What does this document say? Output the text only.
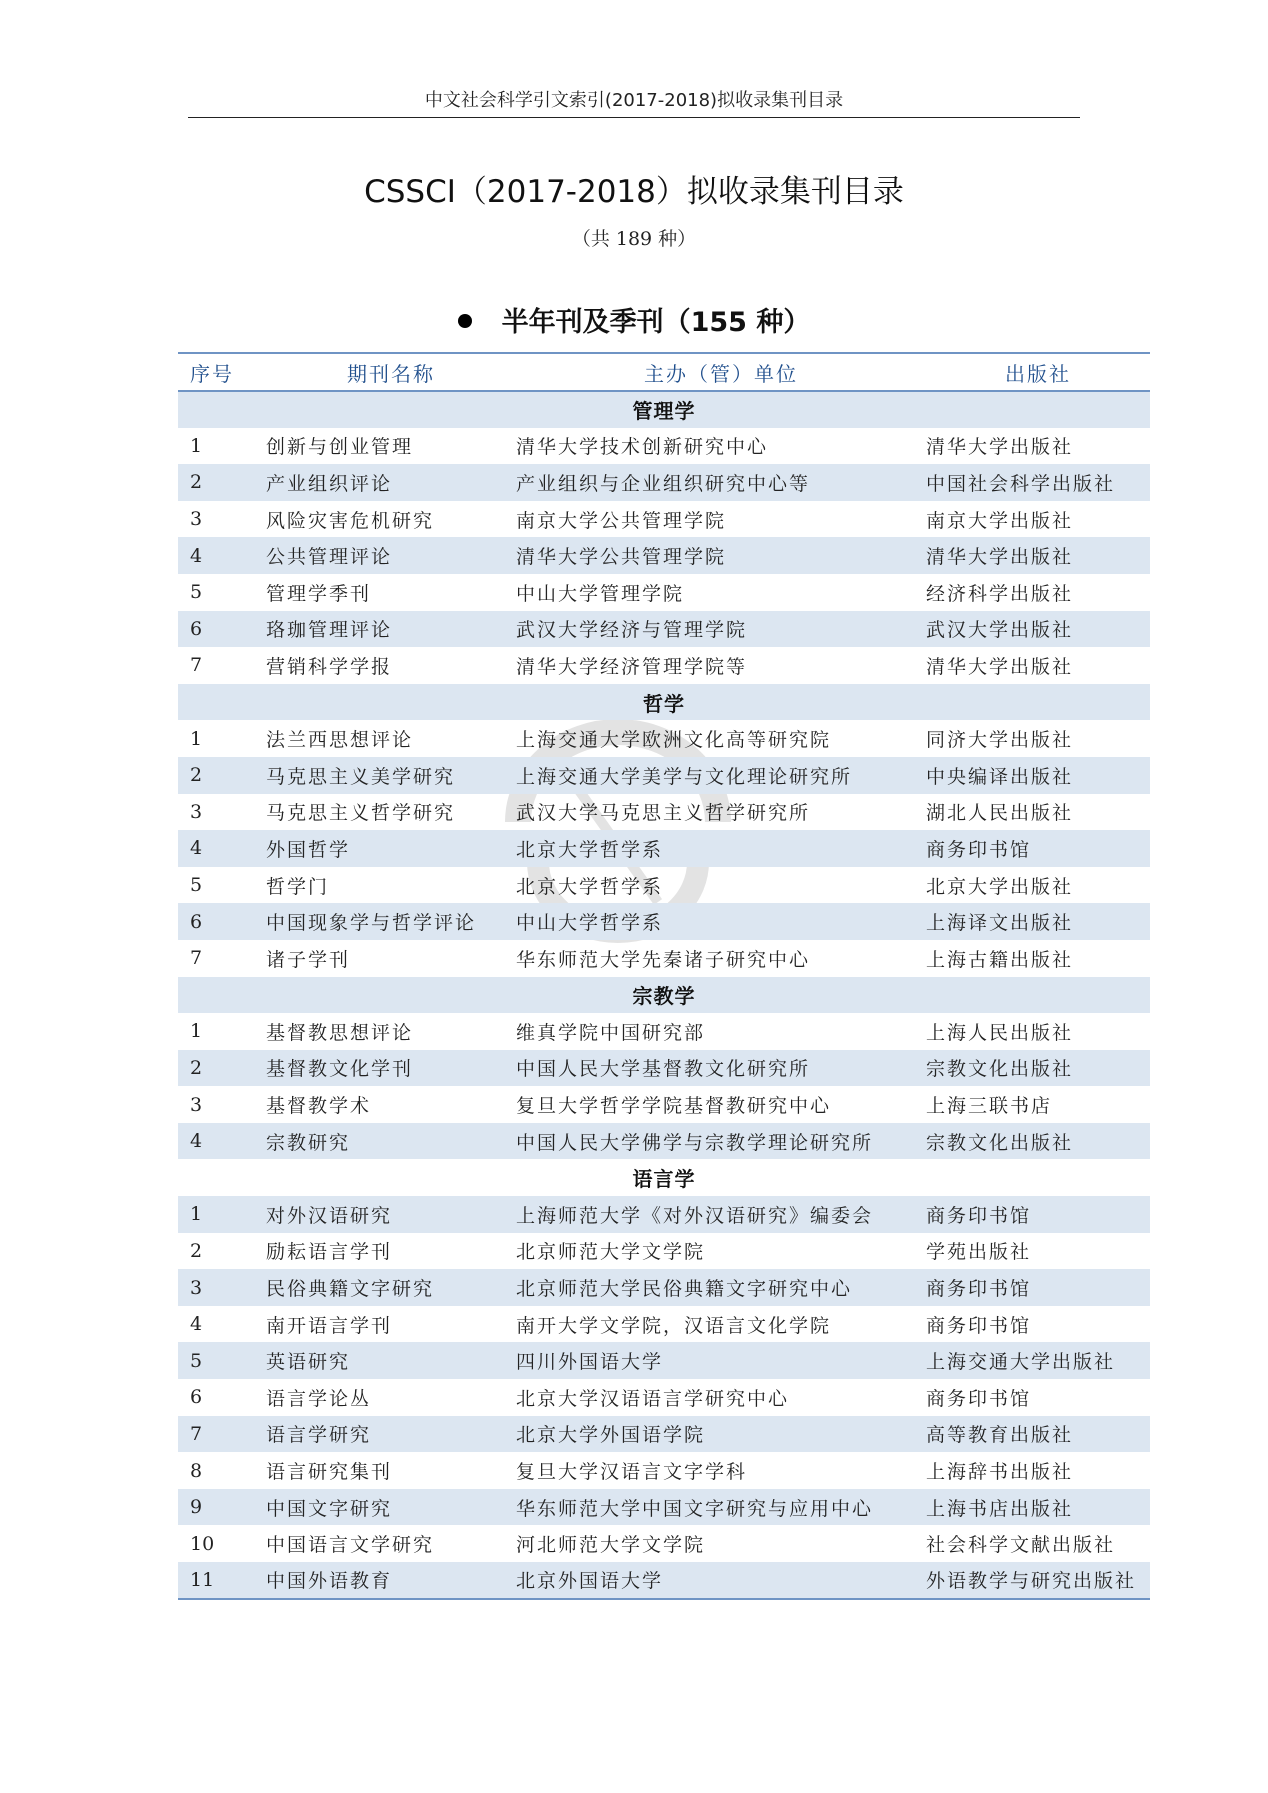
中文社会科学引文索引(2017-2018)拟收录集刊目录
CSSCI（2017-2018）拟收录集刊目录
（共 189 种）
半年刊及季刊（155 种）
序号	期刊名称	主办（管）单位	出版社
管理学			
1	创新与创业管理	清华大学技术创新研究中心	清华大学出版社
2	产业组织评论	产业组织与企业组织研究中心等	中国社会科学出版社
3	风险灾害危机研究	南京大学公共管理学院	南京大学出版社
4	公共管理评论	清华大学公共管理学院	清华大学出版社
5	管理学季刊	中山大学管理学院	经济科学出版社
6	珞珈管理评论	武汉大学经济与管理学院	武汉大学出版社
7	营销科学学报	清华大学经济管理学院等	清华大学出版社
哲学			
1	法兰西思想评论	上海交通大学欧洲文化高等研究院	同济大学出版社
2	马克思主义美学研究	上海交通大学美学与文化理论研究所	中央编译出版社
3	马克思主义哲学研究	武汉大学马克思主义哲学研究所	湖北人民出版社
4	外国哲学	北京大学哲学系	商务印书馆
5	哲学门	北京大学哲学系	北京大学出版社
6	中国现象学与哲学评论	中山大学哲学系	上海译文出版社
7	诸子学刊	华东师范大学先秦诸子研究中心	上海古籍出版社
宗教学			
1	基督教思想评论	维真学院中国研究部	上海人民出版社
2	基督教文化学刊	中国人民大学基督教文化研究所	宗教文化出版社
3	基督教学术	复旦大学哲学学院基督教研究中心	上海三联书店
4	宗教研究	中国人民大学佛学与宗教学理论研究所	宗教文化出版社
语言学			
1	对外汉语研究	上海师范大学《对外汉语研究》编委会	商务印书馆
2	励耘语言学刊	北京师范大学文学院	学苑出版社
3	民俗典籍文字研究	北京师范大学民俗典籍文字研究中心	商务印书馆
4	南开语言学刊	南开大学文学院，汉语言文化学院	商务印书馆
5	英语研究	四川外国语大学	上海交通大学出版社
6	语言学论丛	北京大学汉语语言学研究中心	商务印书馆
7	语言学研究	北京大学外国语学院	高等教育出版社
8	语言研究集刊	复旦大学汉语言文字学科	上海辞书出版社
9	中国文字研究	华东师范大学中国文字研究与应用中心	上海书店出版社
10	中国语言文学研究	河北师范大学文学院	社会科学文献出版社
11	中国外语教育	北京外国语大学	外语教学与研究出版社
